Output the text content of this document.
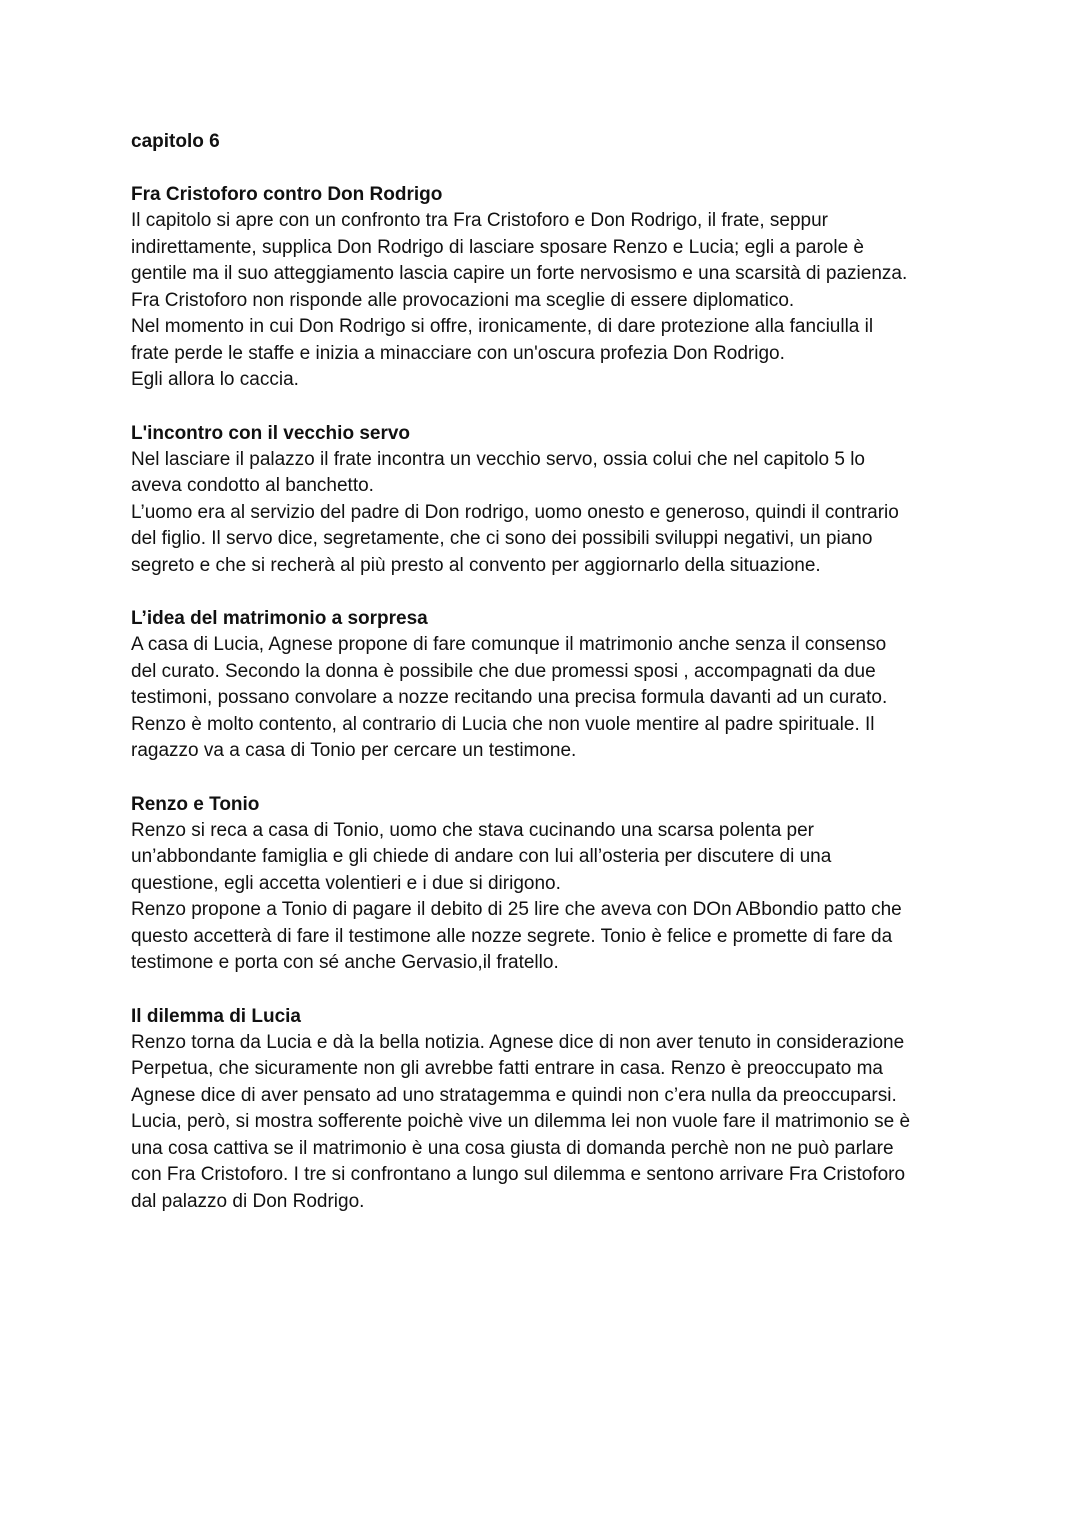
capitolo 6
Fra Cristoforo contro Don Rodrigo
Il capitolo si apre con un confronto tra Fra Cristoforo e Don Rodrigo, il frate, seppur
indirettamente, supplica Don Rodrigo di lasciare sposare Renzo e Lucia; egli a parole è
gentile ma il suo atteggiamento lascia capire un forte nervosismo e una scarsità di pazienza.
Fra Cristoforo non risponde alle provocazioni ma sceglie di essere diplomatico.
Nel momento in cui Don Rodrigo si offre, ironicamente, di dare protezione alla fanciulla il
frate perde le staffe e inizia a minacciare con un'oscura profezia Don Rodrigo.
Egli allora lo caccia.
L'incontro con il vecchio servo
Nel lasciare il palazzo il frate incontra un vecchio servo, ossia colui che nel capitolo 5 lo
aveva condotto al banchetto.
L’uomo era al servizio del padre di Don rodrigo, uomo onesto e generoso, quindi il contrario
del figlio. Il servo dice, segretamente, che ci sono dei possibili sviluppi negativi, un piano
segreto e che si recherà al più presto al convento per aggiornarlo della situazione.
L’idea del matrimonio a sorpresa
A casa di Lucia, Agnese propone di fare comunque il matrimonio anche senza il consenso
del curato. Secondo la donna è possibile che due promessi sposi , accompagnati da due
testimoni, possano convolare a nozze recitando una precisa formula davanti ad un curato.
Renzo è molto contento, al contrario di Lucia che non vuole mentire al padre spirituale. Il
ragazzo va a casa di Tonio per cercare un testimone.
Renzo e Tonio
Renzo si reca a casa di Tonio, uomo che stava cucinando una scarsa polenta per
un’abbondante famiglia e gli chiede di andare con lui all’osteria per discutere di una
questione, egli accetta volentieri e i due si dirigono.
Renzo propone a Tonio di pagare il debito di 25 lire che aveva con DOn ABbondio patto che
questo accetterà di fare il testimone alle nozze segrete. Tonio è felice e promette di fare da
testimone e porta con sé anche Gervasio,il fratello.
Il dilemma di Lucia
Renzo torna da Lucia e dà la bella notizia. Agnese dice di non aver tenuto in considerazione
Perpetua, che sicuramente non gli avrebbe fatti entrare in casa. Renzo è preoccupato ma
Agnese dice di aver pensato ad uno stratagemma e quindi non c’era nulla da preoccuparsi.
Lucia, però, si mostra sofferente poichè vive un dilemma lei non vuole fare il matrimonio se è
una cosa cattiva se il matrimonio è una cosa giusta di domanda perchè non ne può parlare
con Fra Cristoforo. I tre si confrontano a lungo sul dilemma e sentono arrivare Fra Cristoforo
dal palazzo di Don Rodrigo.
